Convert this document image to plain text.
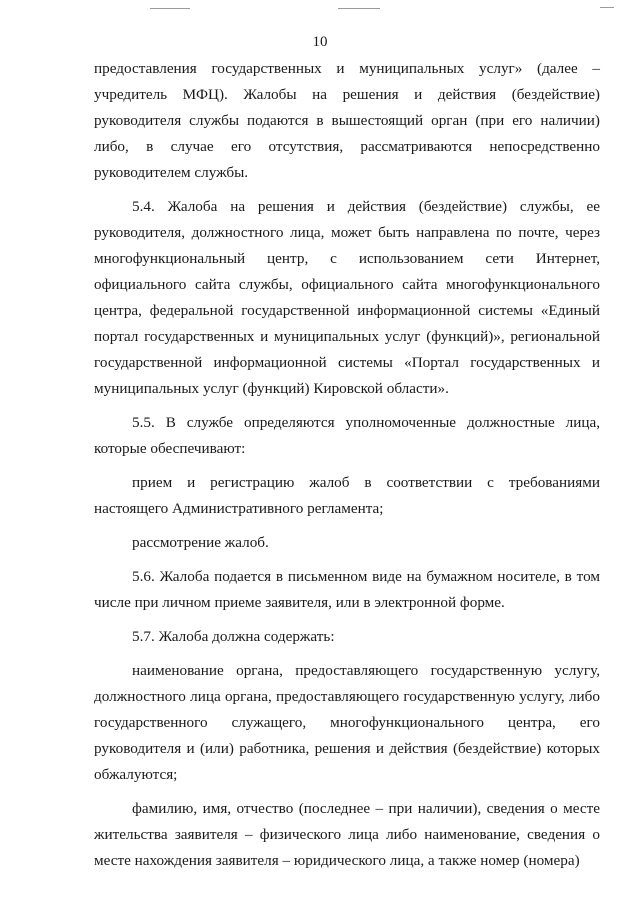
10

предоставления государственных и муниципальных услуг» (далее – учредитель МФЦ). Жалобы на решения и действия (бездействие) руководителя службы подаются в вышестоящий орган (при его наличии) либо, в случае его отсутствия, рассматриваются непосредственно руководителем службы.

5.4. Жалоба на решения и действия (бездействие) службы, ее руководителя, должностного лица, может быть направлена по почте, через многофункциональный центр, с использованием сети Интернет, официального сайта службы, официального сайта многофункционального центра, федеральной государственной информационной системы «Единый портал государственных и муниципальных услуг (функций)», региональной государственной информационной системы «Портал государственных и муниципальных услуг (функций) Кировской области».

5.5. В службе определяются уполномоченные должностные лица, которые обеспечивают:

прием и регистрацию жалоб в соответствии с требованиями настоящего Административного регламента;

рассмотрение жалоб.

5.6. Жалоба подается в письменном виде на бумажном носителе, в том числе при личном приеме заявителя, или в электронной форме.

5.7. Жалоба должна содержать:

наименование органа, предоставляющего государственную услугу, должностного лица органа, предоставляющего государственную услугу, либо государственного служащего, многофункционального центра, его руководителя и (или) работника, решения и действия (бездействие) которых обжалуются;

фамилию, имя, отчество (последнее – при наличии), сведения о месте жительства заявителя – физического лица либо наименование, сведения о месте нахождения заявителя – юридического лица, а также номер (номера)
